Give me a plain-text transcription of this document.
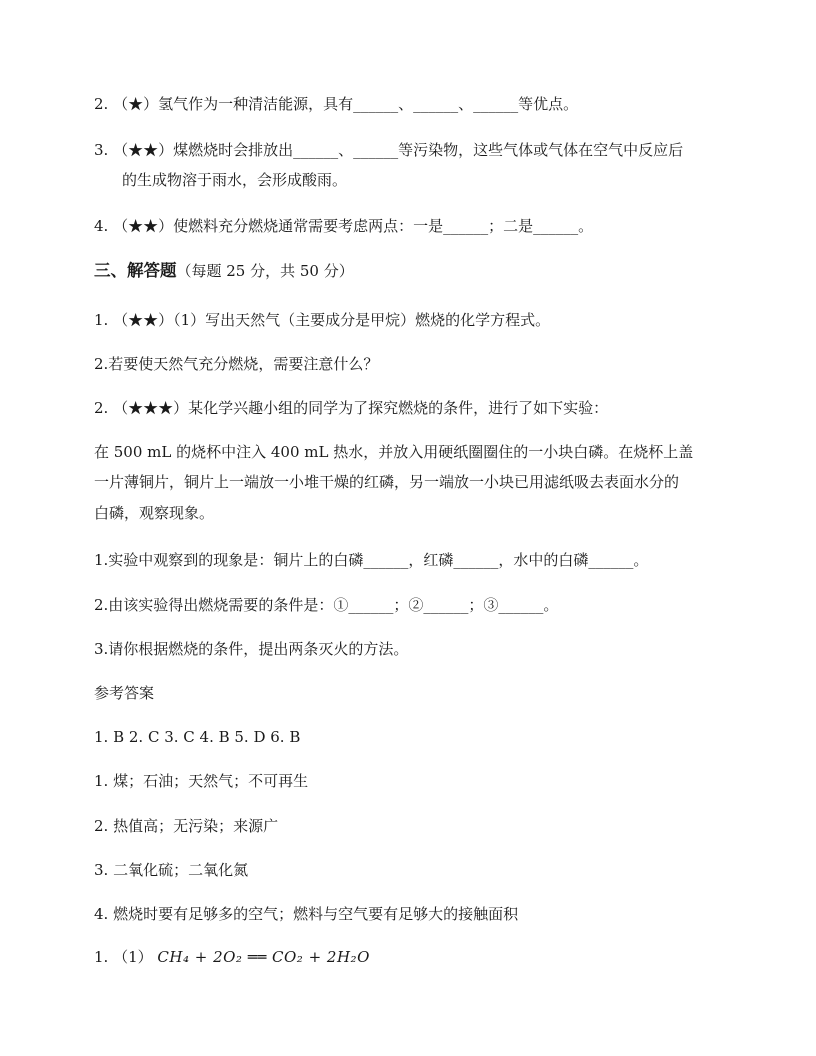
2. （★）氢气作为一种清洁能源，具有______、______、______等优点。
3. （★★）煤燃烧时会排放出______、______等污染物，这些气体或气体在空气中反应后
的生成物溶于雨水，会形成酸雨。
4. （★★）使燃料充分燃烧通常需要考虑两点：一是______；二是______。
三、解答题（每题 25 分，共 50 分）
1. （★★）（1）写出天然气（主要成分是甲烷）燃烧的化学方程式。
2.若要使天然气充分燃烧，需要注意什么？
2. （★★★）某化学兴趣小组的同学为了探究燃烧的条件，进行了如下实验：
在 500 mL 的烧杯中注入 400 mL 热水，并放入用硬纸圈圈住的一小块白磷。在烧杯上盖
一片薄铜片，铜片上一端放一小堆干燥的红磷，另一端放一小块已用滤纸吸去表面水分的
白磷，观察现象。
1.实验中观察到的现象是：铜片上的白磷______，红磷______，水中的白磷______。
2.由该实验得出燃烧需要的条件是：①______；②______；③______。
3.请你根据燃烧的条件，提出两条灭火的方法。
参考答案
1. B 2. C 3. C 4. B 5. D 6. B
1. 煤；石油；天然气；不可再生
2. 热值高；无污染；来源广
3. 二氧化硫；二氧化氮
4. 燃烧时要有足够多的空气；燃料与空气要有足够大的接触面积
1. （1） CH₄ + 2O₂ ══ CO₂ + 2H₂O
